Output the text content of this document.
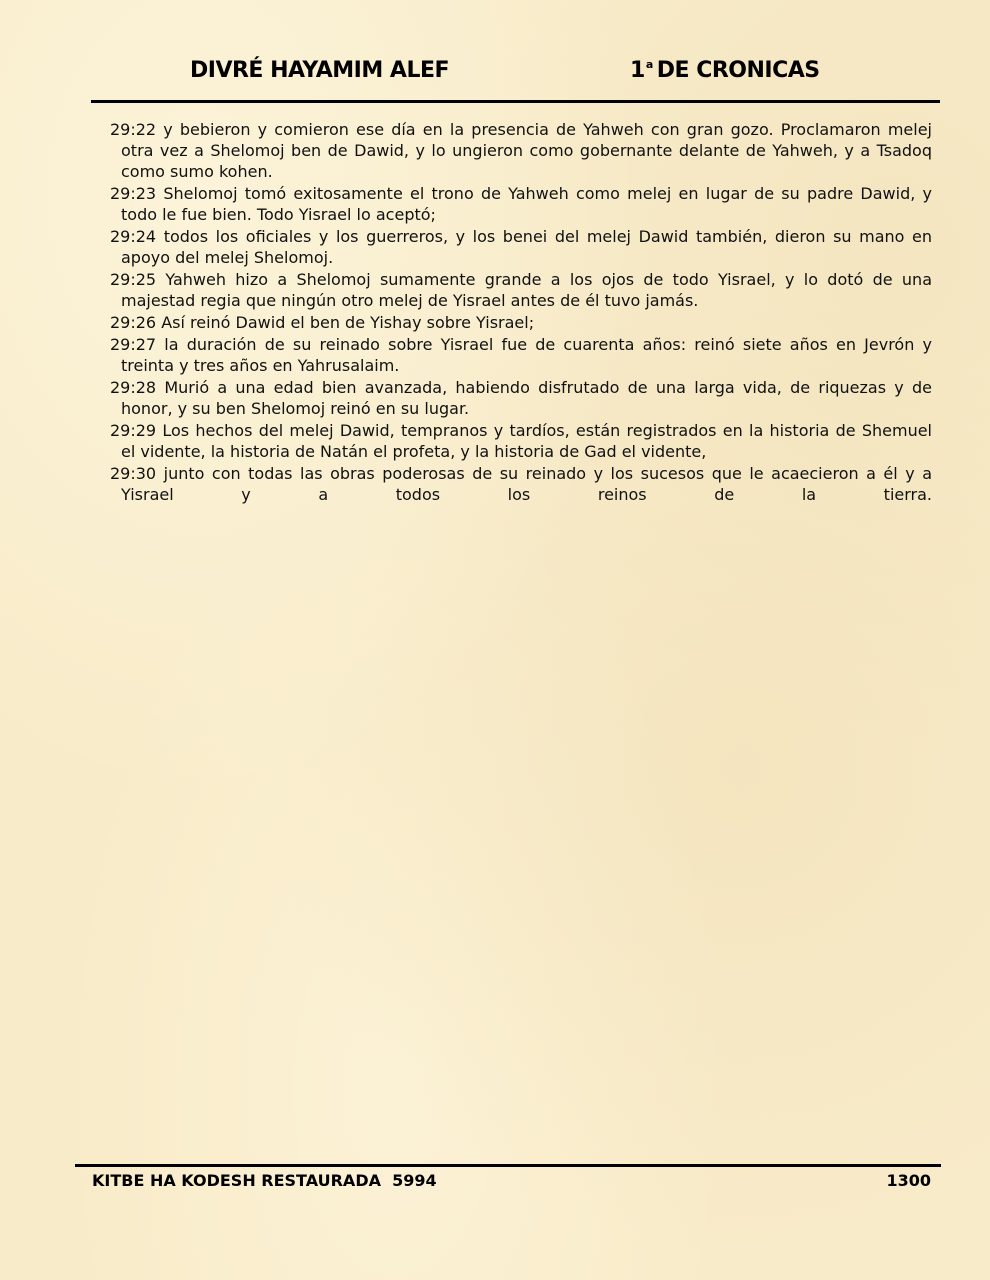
DIVRÉ HAYAMIM ALEF	1$^a$ DE CRONICAS

29:22 y bebieron y comieron ese día en la presencia de Yahweh con gran gozo. Proclamaron melej otra vez a Shelomoj ben de Dawid, y lo ungieron como gobernante delante de Yahweh, y a Tsadoq como sumo kohen.

29:23 Shelomoj tomó exitosamente el trono de Yahweh como melej en lugar de su padre Dawid, y todo le fue bien. Todo Yisrael lo aceptó;

29:24 todos los oficiales y los guerreros, y los benei del melej Dawid también, dieron su mano en apoyo del melej Shelomoj.

29:25 Yahweh hizo a Shelomoj sumamente grande a los ojos de todo Yisrael, y lo dotó de una majestad regia que ningún otro melej de Yisrael antes de él tuvo jamás.

29:26 Así reinó Dawid el ben de Yishay sobre Yisrael;

29:27 la duración de su reinado sobre Yisrael fue de cuarenta años: reinó siete años en Jevrón y treinta y tres años en Yahrusalaim.

29:28 Murió a una edad bien avanzada, habiendo disfrutado de una larga vida, de riquezas y de honor, y su ben Shelomoj reinó en su lugar.

29:29 Los hechos del melej Dawid, tempranos y tardíos, están registrados en la historia de Shemuel el vidente, la historia de Natán el profeta, y la historia de Gad el vidente,

29:30 junto con todas las obras poderosas de su reinado y los sucesos que le acaecieron a él y a Yisrael y a todos los reinos de la tierra.

KITBE HA KODESH RESTAURADA  5994	1300
